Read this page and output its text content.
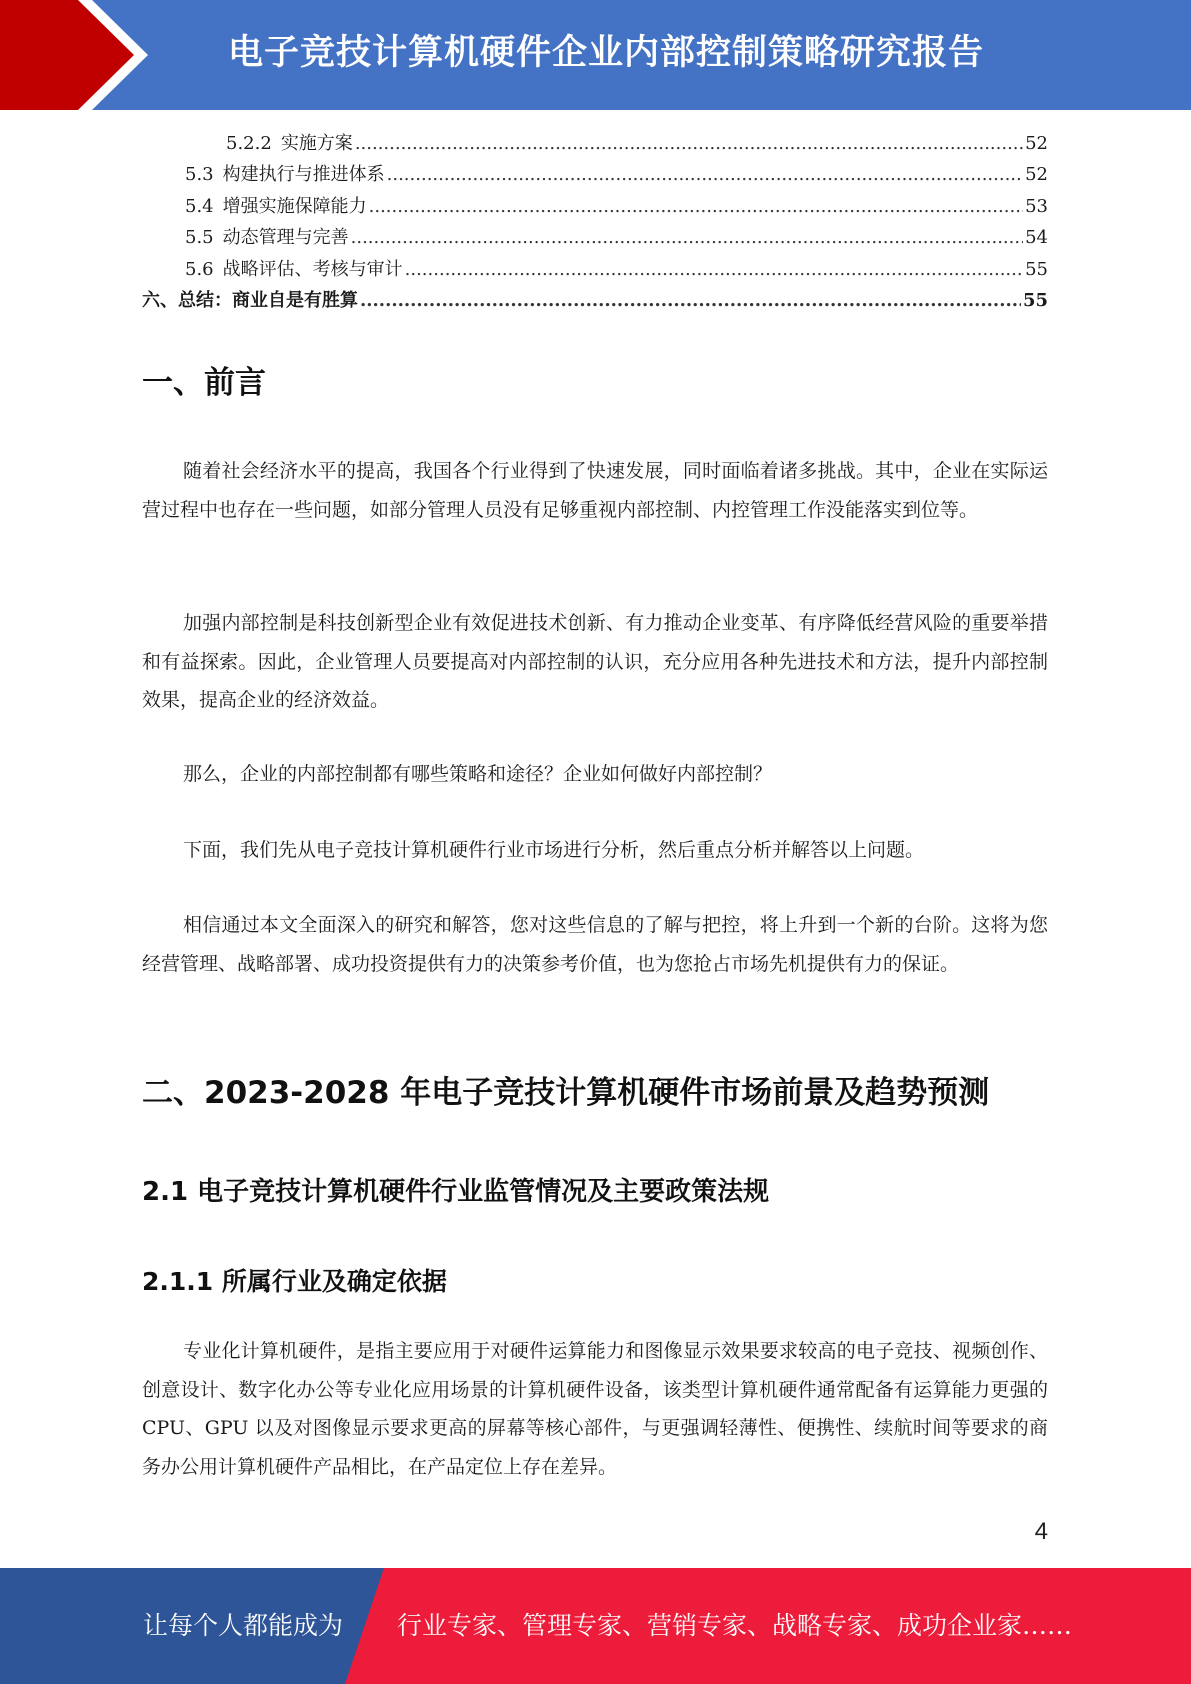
电子竞技计算机硬件企业内部控制策略研究报告
5.2.2 实施方案 .....	52
5.3 构建执行与推进体系 .....	52
5.4 增强实施保障能力 .....	53
5.5 动态管理与完善 .....	54
5.6 战略评估、考核与审计 .....	55
六、总结：商业自是有胜算 .....	55
一、前言

随着社会经济水平的提高，我国各个行业得到了快速发展，同时面临着诸多挑战。其中，企业在实际运营过程中也存在一些问题，如部分管理人员没有足够重视内部控制、内控管理工作没能落实到位等。

加强内部控制是科技创新型企业有效促进技术创新、有力推动企业变革、有序降低经营风险的重要举措和有益探索。因此，企业管理人员要提高对内部控制的认识，充分应用各种先进技术和方法，提升内部控制效果，提高企业的经济效益。

那么，企业的内部控制都有哪些策略和途径？企业如何做好内部控制？

下面，我们先从电子竞技计算机硬件行业市场进行分析，然后重点分析并解答以上问题。

相信通过本文全面深入的研究和解答，您对这些信息的了解与把控，将上升到一个新的台阶。这将为您经营管理、战略部署、成功投资提供有力的决策参考价值，也为您抢占市场先机提供有力的保证。

二、2023-2028 年电子竞技计算机硬件市场前景及趋势预测
2.1 电子竞技计算机硬件行业监管情况及主要政策法规
2.1.1 所属行业及确定依据

专业化计算机硬件，是指主要应用于对硬件运算能力和图像显示效果要求较高的电子竞技、视频创作、创意设计、数字化办公等专业化应用场景的计算机硬件设备，该类型计算机硬件通常配备有运算能力更强的 CPU、GPU 以及对图像显示要求更高的屏幕等核心部件，与更强调轻薄性、便携性、续航时间等要求的商务办公用计算机硬件产品相比，在产品定位上存在差异。

4
让每个人都能成为 行业专家、管理专家、营销专家、战略专家、成功企业家……
